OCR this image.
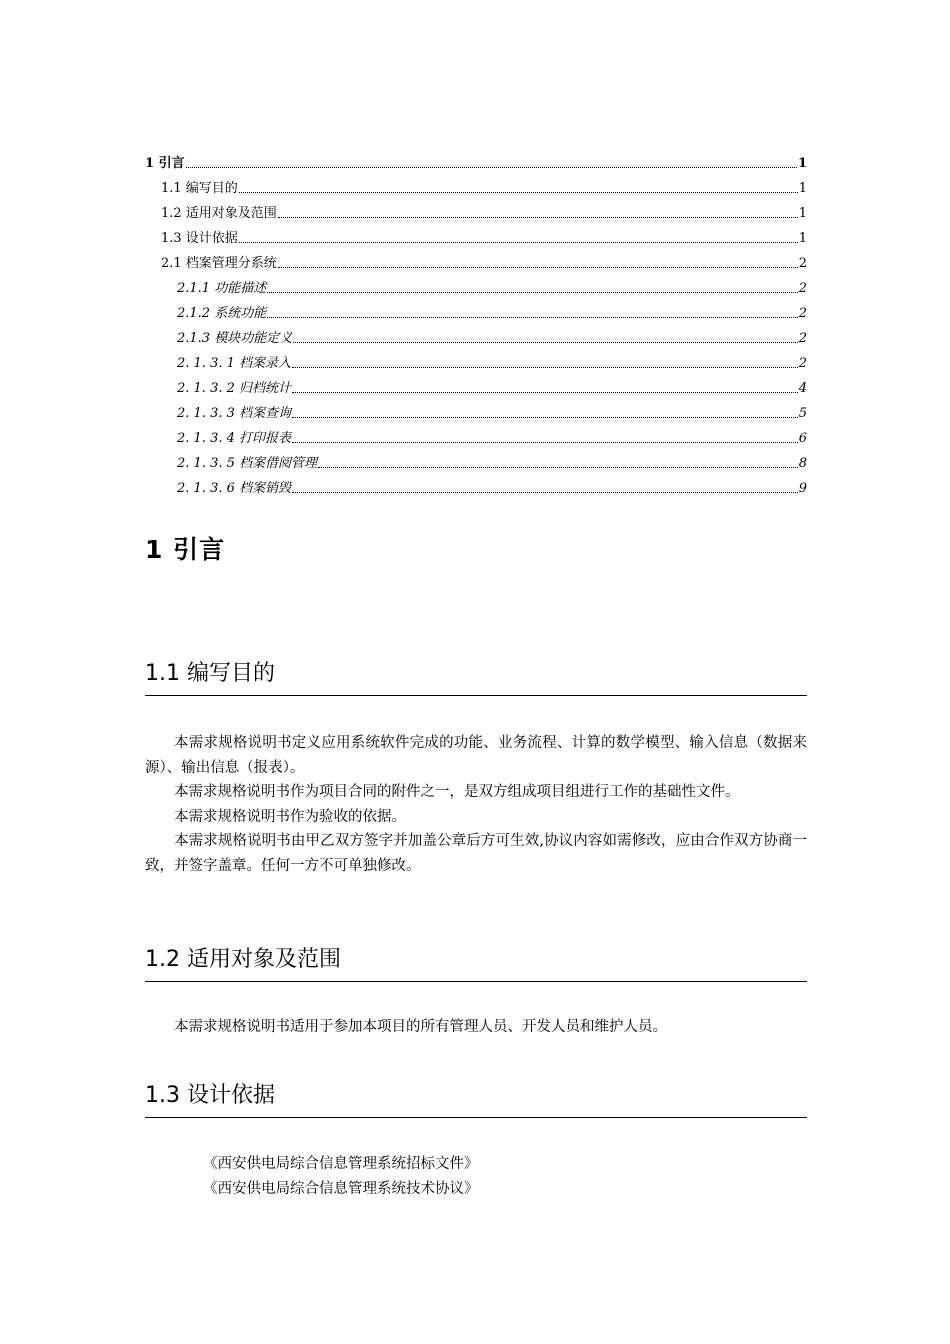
1 引言	1
1.1 编写目的	1
1.2 适用对象及范围	1
1.3 设计依据	1
2.1 档案管理分系统	2
2.1.1 功能描述	2
2.1.2 系统功能	2
2.1.3 模块功能定义	2
2. 1. 3. 1 档案录入	2
2. 1. 3. 2 归档统计	4
2. 1. 3. 3 档案查询	5
2. 1. 3. 4 打印报表	6
2. 1. 3. 5 档案借阅管理	8
2. 1. 3. 6 档案销毁	9
1 引言
1.1 编写目的

本需求规格说明书定义应用系统软件完成的功能、业务流程、计算的数学模型、输入信息（数据来源）、输出信息（报表）。

本需求规格说明书作为项目合同的附件之一，是双方组成项目组进行工作的基础性文件。

本需求规格说明书作为验收的依据。

本需求规格说明书由甲乙双方签字并加盖公章后方可生效,协议内容如需修改，应由合作双方协商一致，并签字盖章。任何一方不可单独修改。

1.2 适用对象及范围

本需求规格说明书适用于参加本项目的所有管理人员、开发人员和维护人员。

1.3 设计依据

《西安供电局综合信息管理系统招标文件》

《西安供电局综合信息管理系统技术协议》
